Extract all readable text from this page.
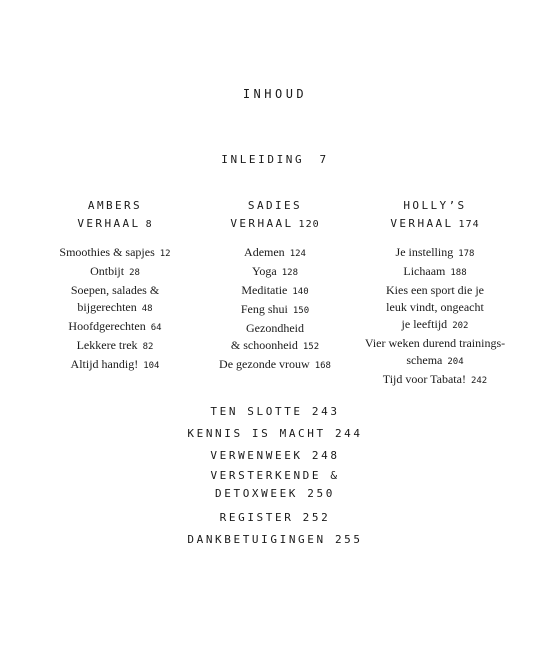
INHOUD
INLEIDING 7
AMBERS
VERHAAL 8
Smoothies & sapjes 12
Ontbijt 28
Soepen, salades &
bijgerechten 48
Hoofdgerechten 64
Lekkere trek 82
Altijd handig! 104
SADIES
VERHAAL 120
Ademen 124
Yoga 128
Meditatie 140
Feng shui 150
Gezondheid
& schoonheid 152
De gezonde vrouw 168
HOLLY’S
VERHAAL 174
Je instelling 178
Lichaam 188
Kies een sport die je
leuk vindt, ongeacht
je leeftijd 202
Vier weken durend trainings-
schema 204
Tijd voor Tabata! 242
TEN SLOTTE 243
KENNIS IS MACHT 244
VERWENWEEK 248
VERSTERKENDE &
DETOXWEEK 250
REGISTER 252
DANKBETUIGINGEN 255
